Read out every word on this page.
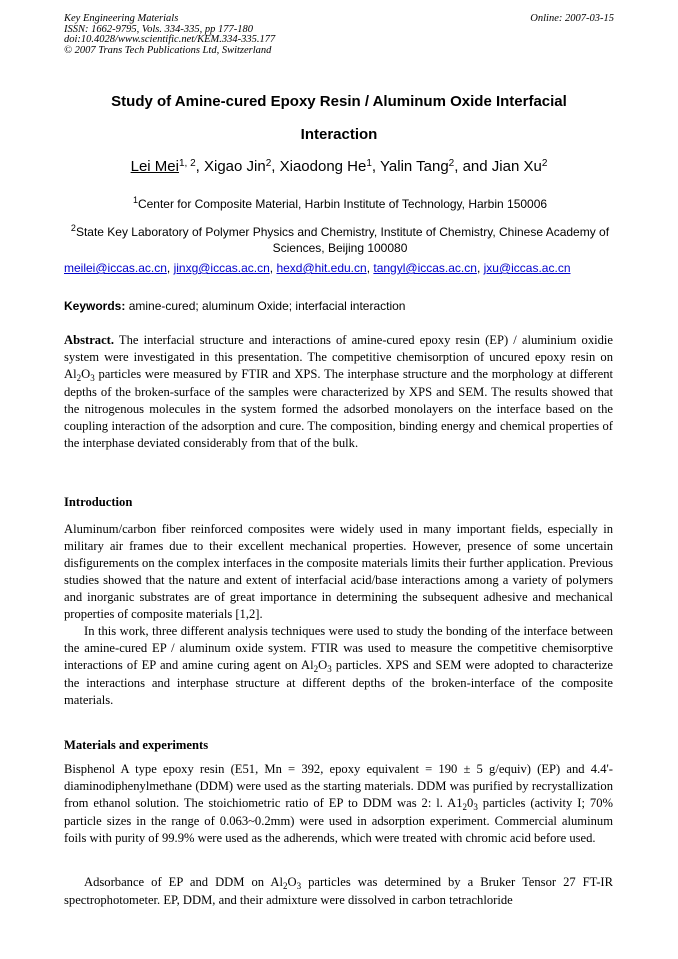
Key Engineering Materials
ISSN: 1662-9795, Vols. 334-335, pp 177-180
doi:10.4028/www.scientific.net/KEM.334-335.177
© 2007 Trans Tech Publications Ltd, Switzerland
Online: 2007-03-15
Study of Amine-cured Epoxy Resin / Aluminum Oxide Interfacial
Interaction
Lei Mei$^{1, 2}$, Xigao Jin$^2$, Xiaodong He$^1$, Yalin Tang$^2$, and Jian Xu$^2$
$^1$Center for Composite Material, Harbin Institute of Technology, Harbin 150006
$^2$State Key Laboratory of Polymer Physics and Chemistry, Institute of Chemistry, Chinese Academy of Sciences, Beijing 100080
meilei@iccas.ac.cn, jinxg@iccas.ac.cn, hexd@hit.edu.cn, tangyl@iccas.ac.cn, jxu@iccas.ac.cn
Keywords: amine-cured; aluminum Oxide; interfacial interaction

Abstract. The interfacial structure and interactions of amine-cured epoxy resin (EP) / aluminium oxidie system were investigated in this presentation. The competitive chemisorption of uncured epoxy resin on $Al_2O_3$ particles were measured by FTIR and XPS. The interphase structure and the morphology at different depths of the broken-surface of the samples were characterized by XPS and SEM. The results showed that the nitrogenous molecules in the system formed the adsorbed monolayers on the interface based on the coupling interaction of the adsorption and cure. The composition, binding energy and chemical properties of the interphase deviated considerably from that of the bulk.

Introduction

Aluminum/carbon fiber reinforced composites were widely used in many important fields, especially in military air frames due to their excellent mechanical properties. However, presence of some uncertain disfigurements on the complex interfaces in the composite materials limits their further application. Previous studies showed that the nature and extent of interfacial acid/base interactions among a variety of polymers and inorganic substrates are of great importance in determining the subsequent adhesive and mechanical properties of composite materials [1,2].

In this work, three different analysis techniques were used to study the bonding of the interface between the amine-cured EP / aluminum oxide system. FTIR was used to measure the competitive chemisorptive interactions of EP and amine curing agent on $Al_2O_3$ particles. XPS and SEM were adopted to characterize the interactions and interphase structure at different depths of the broken-interface of the composite materials.

Materials and experiments

Bisphenol A type epoxy resin (E51, Mn = 392, epoxy equivalent = 190 ± 5 g/equiv) (EP) and 4.4'-diaminodiphenylmethane (DDM) were used as the starting materials. DDM was purified by recrystallization from ethanol solution. The stoichiometric ratio of EP to DDM was 2: l. $A1_20_3$ particles (activity I; 70% particle sizes in the range of 0.063~0.2mm) were used in adsorption experiment. Commercial aluminum foils with purity of 99.9% were used as the adherends, which were treated with chromic acid before used.

Adsorbance of EP and DDM on $Al_2O_3$ particles was determined by a Bruker Tensor 27 FT-IR spectrophotometer. EP, DDM, and their admixture were dissolved in carbon tetrachloride
